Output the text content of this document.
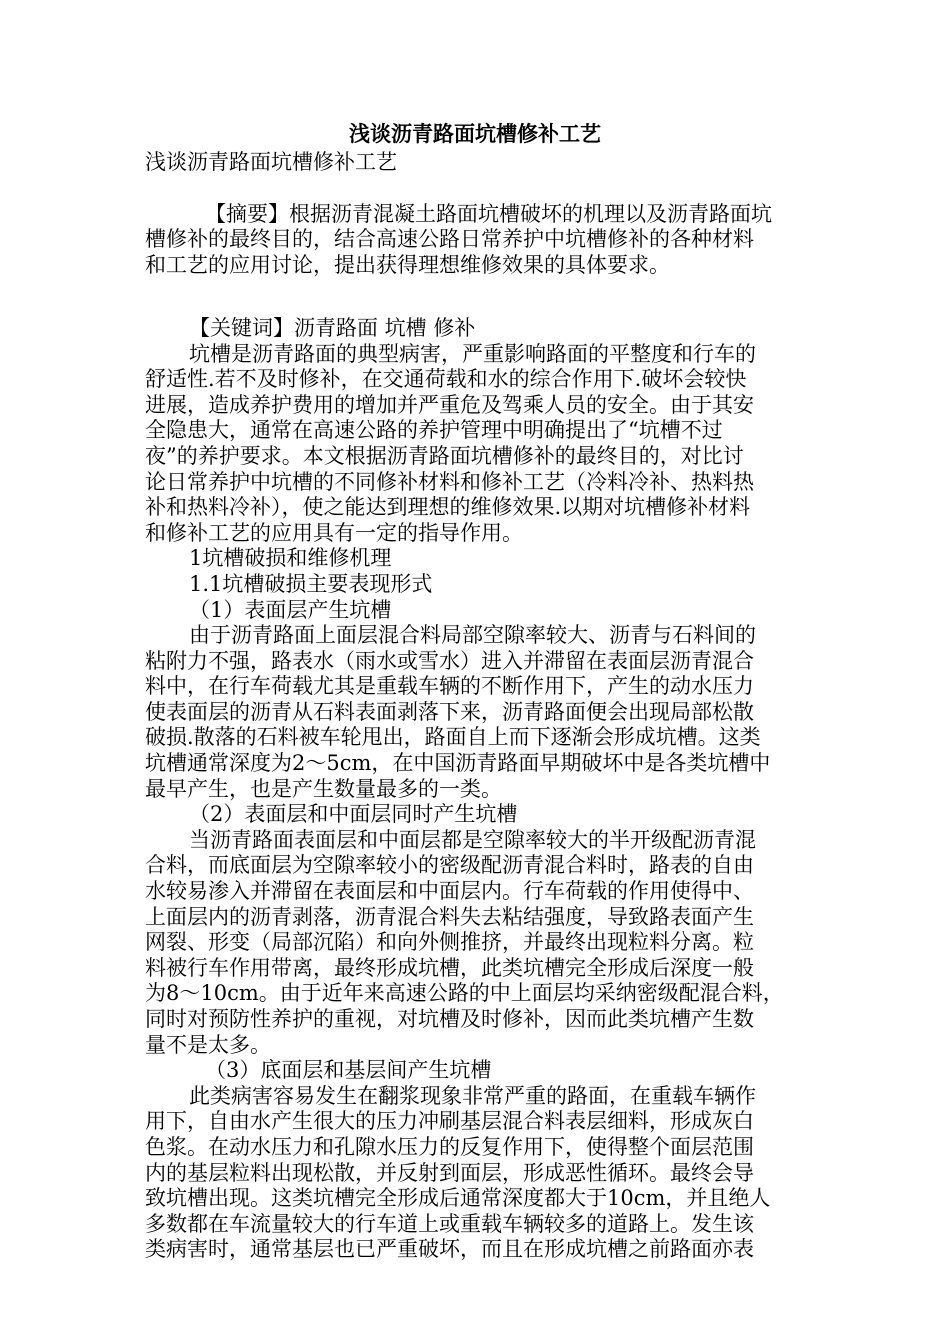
浅谈沥青路面坑槽修补工艺

浅谈沥青路面坑槽修补工艺

【摘要】根据沥青混凝土路面坑槽破坏的机理以及沥青路面坑

槽修补的最终目的，结合高速公路日常养护中坑槽修补的各种材料

和工艺的应用讨论，提出获得理想维修效果的具体要求。

【关键词】沥青路面 坑槽 修补

坑槽是沥青路面的典型病害，严重影响路面的平整度和行车的

舒适性.若不及时修补，在交通荷载和水的综合作用下.破坏会较快

进展，造成养护费用的增加并严重危及驾乘人员的安全。由于其安

全隐患大，通常在高速公路的养护管理中明确提出了“坑槽不过

夜”的养护要求。本文根据沥青路面坑槽修补的最终目的，对比讨

论日常养护中坑槽的不同修补材料和修补工艺（冷料冷补、热料热

补和热料冷补），使之能达到理想的维修效果.以期对坑槽修补材料

和修补工艺的应用具有一定的指导作用。

1坑槽破损和维修机理

1.1坑槽破损主要表现形式

（1）表面层产生坑槽

由于沥青路面上面层混合料局部空隙率较大、沥青与石料间的

粘附力不强，路表水（雨水或雪水）进入并滞留在表面层沥青混合

料中，在行车荷载尤其是重载车辆的不断作用下，产生的动水压力

使表面层的沥青从石料表面剥落下来，沥青路面便会出现局部松散

破损.散落的石料被车轮甩出，路面自上而下逐渐会形成坑槽。这类

坑槽通常深度为2～5cm，在中国沥青路面早期破坏中是各类坑槽中

最早产生，也是产生数量最多的一类。

（2）表面层和中面层同时产生坑槽

当沥青路面表面层和中面层都是空隙率较大的半开级配沥青混

合料，而底面层为空隙率较小的密级配沥青混合料时，路表的自由

水较易渗入并滞留在表面层和中面层内。行车荷载的作用使得中、

上面层内的沥青剥落，沥青混合料失去粘结强度，导致路表面产生

网裂、形变（局部沉陷）和向外侧推挤，并最终出现粒料分离。粒

料被行车作用带离，最终形成坑槽，此类坑槽完全形成后深度一般

为8～10cm。由于近年来高速公路的中上面层均采纳密级配混合料，

同时对预防性养护的重视，对坑槽及时修补，因而此类坑槽产生数

量不是太多。

（3）底面层和基层间产生坑槽

此类病害容易发生在翻浆现象非常严重的路面，在重载车辆作

用下，自由水产生很大的压力冲刷基层混合料表层细料，形成灰白

色浆。在动水压力和孔隙水压力的反复作用下，使得整个面层范围

内的基层粒料出现松散，并反射到面层，形成恶性循环。最终会导

致坑槽出现。这类坑槽完全形成后通常深度都大于10cm，并且绝人

多数都在车流量较大的行车道上或重载车辆较多的道路上。发生该

类病害时，通常基层也已严重破坏，而且在形成坑槽之前路面亦表
